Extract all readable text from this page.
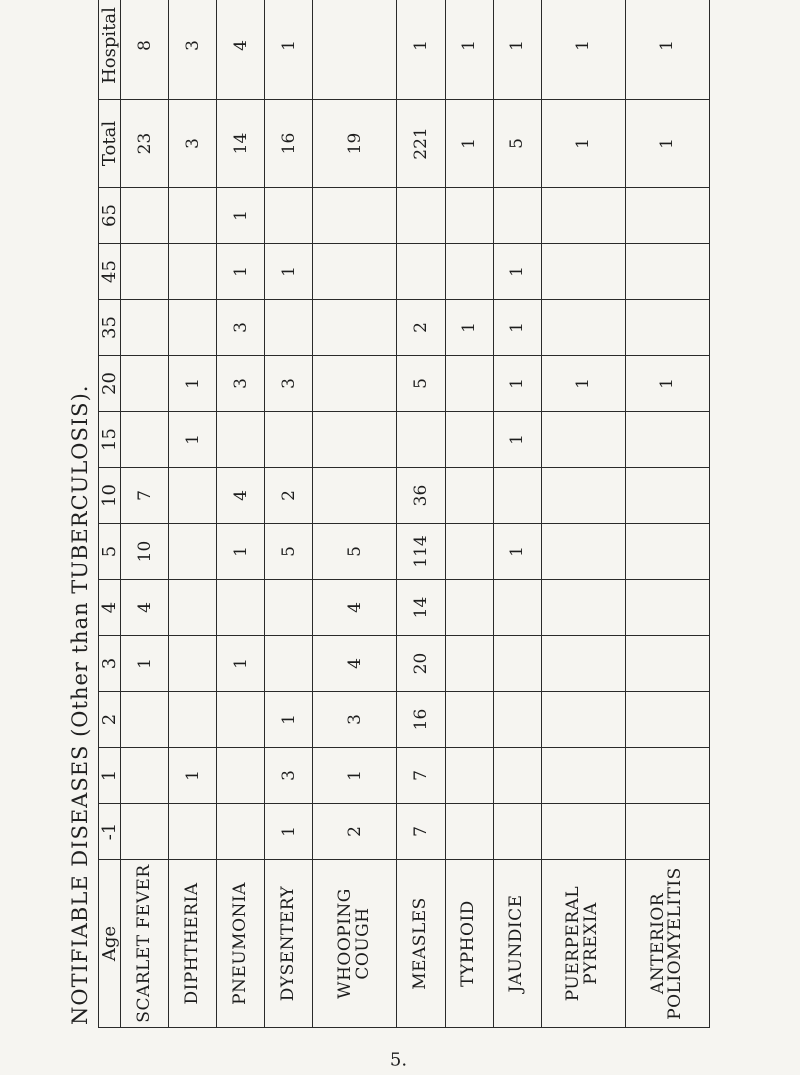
NOTIFIABLE DISEASES (Other than TUBERCULOSIS). Age	-1	1	2	3	4	5	10	15	20	35	45	65	Total	Hospital	
SCARLET FEVER				1	4	10	7						23	8	
DIPHTHERIA		1						1	1				3	3	
PNEUMONIA				1		1	4		3	3	1	1	14	4	
DYSENTERY	1	3	1			5	2		3		1		16	1	
WHOOPING COUGH	2	1	3	4	4	5							19		
MEASLES	7	7	16	20	14	114	36		5	2			221	1	
TYPHOID										1			1	1	
JAUNDICE						1		1	1	1	1		5	1	
PUERPERAL PYREXIA									1				1	1	
ANTERIOR POLIOMYELITIS									1				1	1	
5.
